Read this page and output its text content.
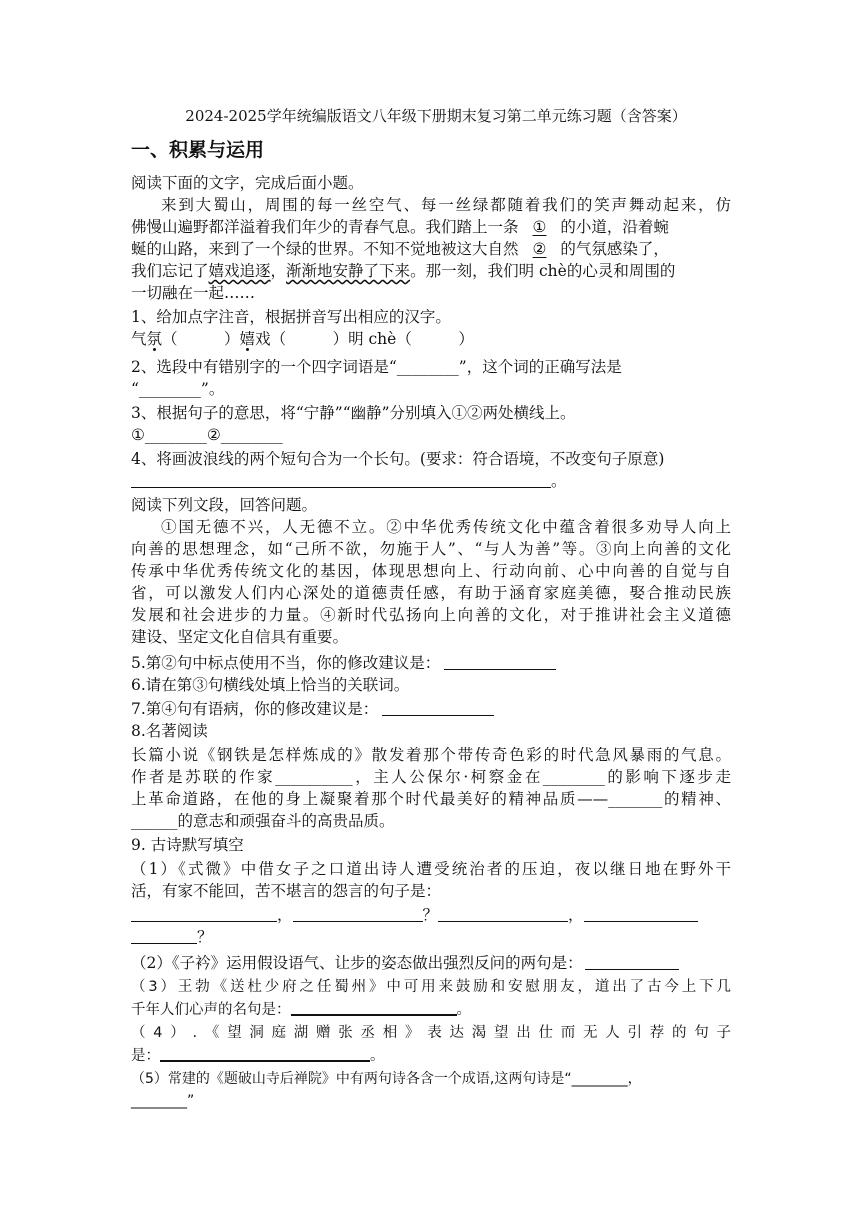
2024-2025学年统编版语文八年级下册期末复习第二单元练习题（含答案）
一、积累与运用
阅读下面的文字，完成后面小题。
来到大蜀山，周围的每一丝空气、每一丝绿都随着我们的笑声舞动起来，仿
佛慢山遍野都洋溢着我们年少的青春气息。我们踏上一条 ① 的小道，沿着蜿
蜒的山路，来到了一个绿的世界。不知不觉地被这大自然 ② 的气氛感染了，
我们忘记了嬉戏追逐，渐渐地安静了下来。那一刻，我们明 chè的心灵和周围的
一切融在一起……
1、给加点字注音，根据拼音写出相应的汉字。
气氛（　　　）嬉戏（　　　）明 chè（　　　）
2、选段中有错别字的一个四字词语是“________”，这个词的正确写法是
“________”。
3、根据句子的意思，将“宁静”“幽静”分别填入①②两处横线上。
①________②________
4、将画波浪线的两个短句合为一个长句。(要求：符合语境，不改变句子原意)
。
阅读下列文段，回答问题。
①国无德不兴，人无德不立。②中华优秀传统文化中蕴含着很多劝导人向上
向善的思想理念，如“己所不欲，勿施于人”、“与人为善”等。③向上向善的文化
传承中华优秀传统文化的基因，体现思想向上、行动向前、心中向善的自觉与自
省，可以激发人们内心深处的道德责任感，有助于涵育家庭美德，娶合推动民族
发展和社会进步的力量。④新时代弘扬向上向善的文化，对于推讲社会主义道德
建设、坚定文化自信具有重要。
5.第②句中标点使用不当，你的修改建议是：
6.请在第③句横线处填上恰当的关联词。
7.第④句有语病，你的修改建议是：
8.名著阅读
长篇小说《钢铁是怎样炼成的》散发着那个带传奇色彩的时代急风暴雨的气息。
作者是苏联的作家__________，主人公保尔·柯察金在________的影响下逐步走
上革命道路，在他的身上凝聚着那个时代最美好的精神品质——_______的精神、
______的意志和顽强奋斗的高贵品质。
9. 古诗默写填空
（1）《式微》中借女子之口道出诗人遭受统治者的压迫，夜以继日地在野外干
活，有家不能回，苦不堪言的怨言的句子是：
，	？	，
？
（2）《子衿》运用假设语气、让步的姿态做出强烈反问的两句是：
（3）王勃《送杜少府之任蜀州》中可用来鼓励和安慰朋友，道出了古今上下几
千年人们心声的名句是：	。
（4）.《望洞庭湖赠张丞相》表达渴望出仕而无人引荐的句子
是：	。
（5）常建的《题破山寺后禅院》中有两句诗各含一个成语,这两句诗是“________，
________”
